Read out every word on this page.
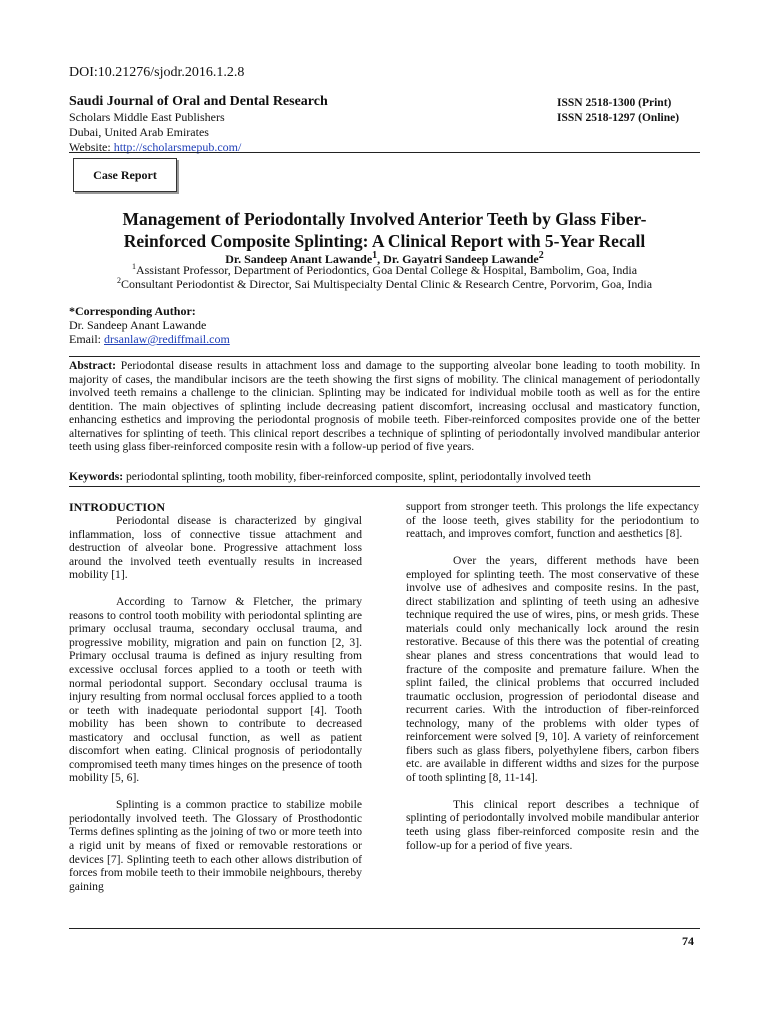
DOI:10.21276/sjodr.2016.1.2.8
Saudi Journal of Oral and Dental Research
Scholars Middle East Publishers
Dubai, United Arab Emirates
Website: http://scholarsmepub.com/
ISSN 2518-1300 (Print)
ISSN 2518-1297 (Online)
Case Report
Management of Periodontally Involved Anterior Teeth by Glass Fiber-
Reinforced Composite Splinting: A Clinical Report with 5-Year Recall
Dr. Sandeep Anant Lawande$^1$, Dr. Gayatri Sandeep Lawande$^2$
$^1$Assistant Professor, Department of Periodontics, Goa Dental College & Hospital, Bambolim, Goa, India
$^2$Consultant Periodontist & Director, Sai Multispecialty Dental Clinic & Research Centre, Porvorim, Goa, India
*Corresponding Author:
Dr. Sandeep Anant Lawande
Email: drsanlaw@rediffmail.com
Abstract: Periodontal disease results in attachment loss and damage to the supporting alveolar bone leading to tooth mobility. In majority of cases, the mandibular incisors are the teeth showing the first signs of mobility. The clinical management of periodontally involved teeth remains a challenge to the clinician. Splinting may be indicated for individual mobile tooth as well as for the entire dentition. The main objectives of splinting include decreasing patient discomfort, increasing occlusal and masticatory function, enhancing esthetics and improving the periodontal prognosis of mobile teeth. Fiber-reinforced composites provide one of the better alternatives for splinting of teeth. This clinical report describes a technique of splinting of periodontally involved mandibular anterior teeth using glass fiber-reinforced composite resin with a follow-up period of five years.
Keywords: periodontal splinting, tooth mobility, fiber-reinforced composite, splint, periodontally involved teeth
INTRODUCTION

Periodontal disease is characterized by gingival inflammation, loss of connective tissue attachment and destruction of alveolar bone. Progressive attachment loss around the involved teeth eventually results in increased mobility [1].

According to Tarnow & Fletcher, the primary reasons to control tooth mobility with periodontal splinting are primary occlusal trauma, secondary occlusal trauma, and progressive mobility, migration and pain on function [2, 3]. Primary occlusal trauma is defined as injury resulting from excessive occlusal forces applied to a tooth or teeth with normal periodontal support. Secondary occlusal trauma is injury resulting from normal occlusal forces applied to a tooth or teeth with inadequate periodontal support [4]. Tooth mobility has been shown to contribute to decreased masticatory and occlusal function, as well as patient discomfort when eating. Clinical prognosis of periodontally compromised teeth many times hinges on the presence of tooth mobility [5, 6].

Splinting is a common practice to stabilize mobile periodontally involved teeth. The Glossary of Prosthodontic Terms defines splinting as the joining of two or more teeth into a rigid unit by means of fixed or removable restorations or devices [7]. Splinting teeth to each other allows distribution of forces from mobile teeth to their immobile neighbours, thereby gaining

support from stronger teeth. This prolongs the life expectancy of the loose teeth, gives stability for the periodontium to reattach, and improves comfort, function and aesthetics [8].

Over the years, different methods have been employed for splinting teeth. The most conservative of these involve use of adhesives and composite resins. In the past, direct stabilization and splinting of teeth using an adhesive technique required the use of wires, pins, or mesh grids. These materials could only mechanically lock around the resin restorative. Because of this there was the potential of creating shear planes and stress concentrations that would lead to fracture of the composite and premature failure. When the splint failed, the clinical problems that occurred included traumatic occlusion, progression of periodontal disease and recurrent caries. With the introduction of fiber-reinforced technology, many of the problems with older types of reinforcement were solved [9, 10]. A variety of reinforcement fibers such as glass fibers, polyethylene fibers, carbon fibers etc. are available in different widths and sizes for the purpose of tooth splinting [8, 11-14].

This clinical report describes a technique of splinting of periodontally involved mobile mandibular anterior teeth using glass fiber-reinforced composite resin and the follow-up for a period of five years.

74
